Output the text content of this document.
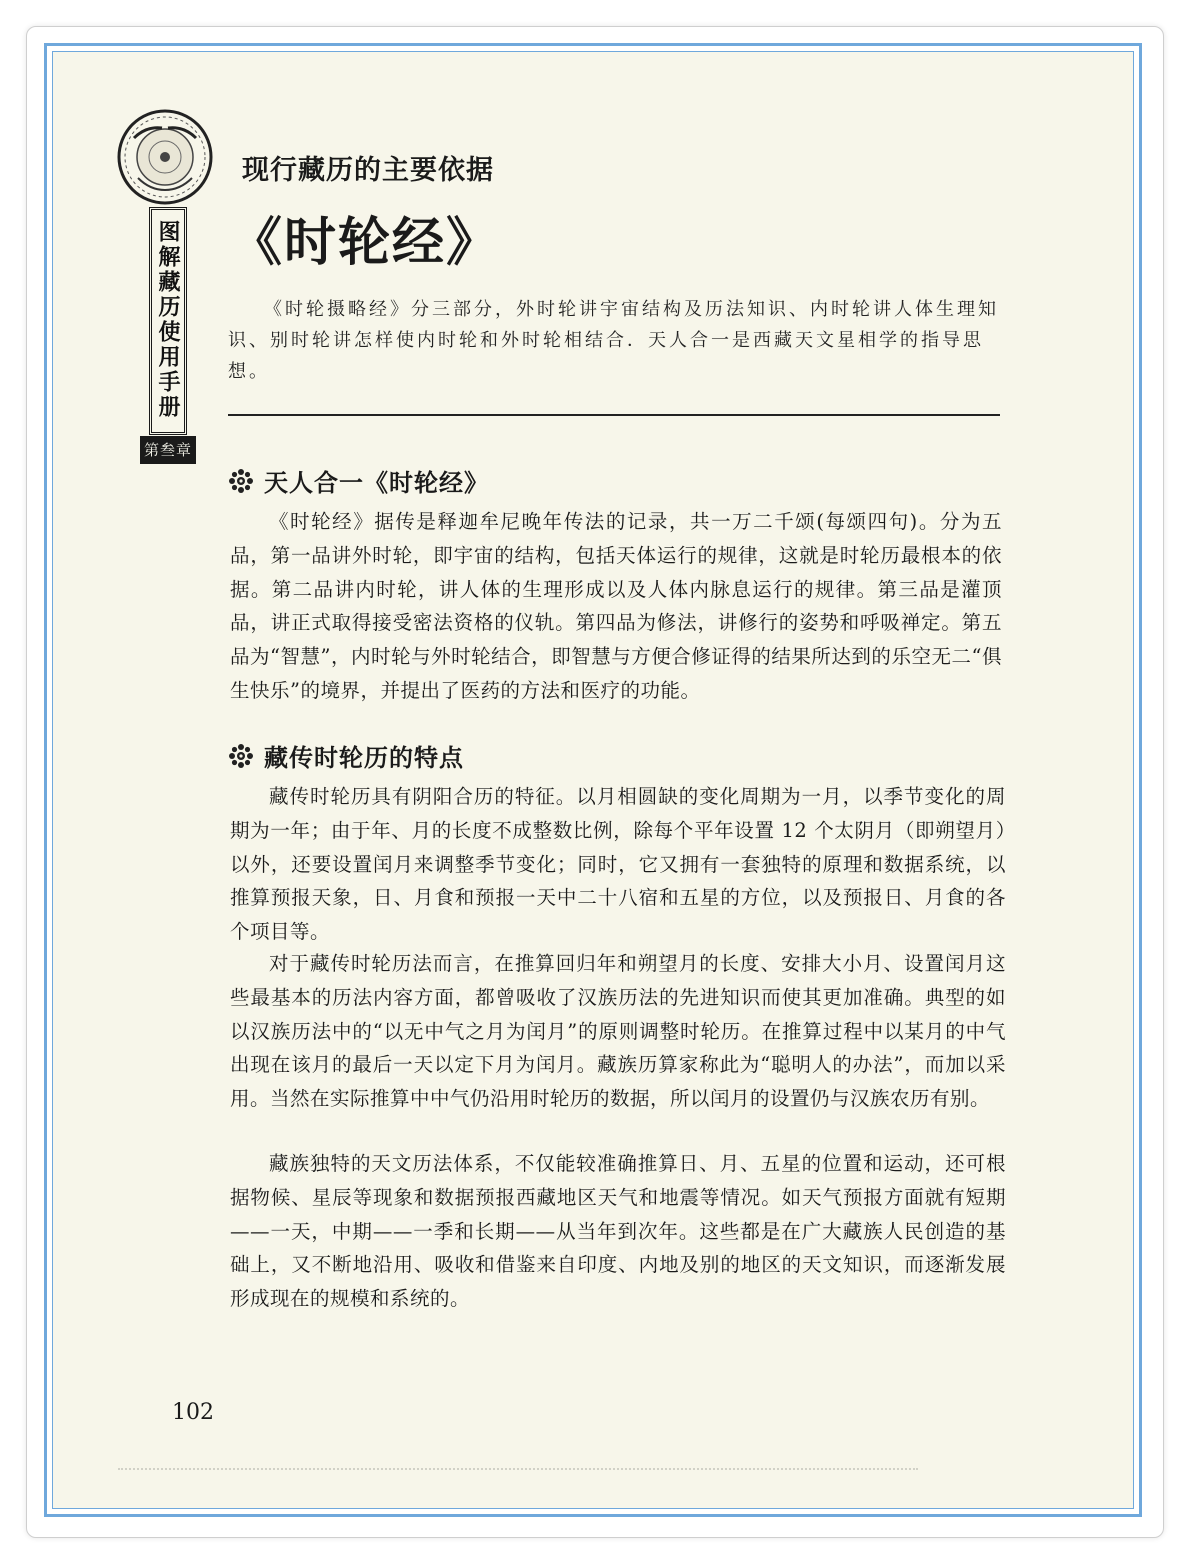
图解藏历使用手册
第叁章
现行藏历的主要依据
《时轮经》

《时轮摄略经》分三部分，外时轮讲宇宙结构及历法知识、内时轮讲人体生理知识、别时轮讲怎样使内时轮和外时轮相结合．天人合一是西藏天文星相学的指导思想。

天人合一《时轮经》

《时轮经》据传是释迦牟尼晚年传法的记录，共一万二千颂(每颂四句)。分为五品，第一品讲外时轮，即宇宙的结构，包括天体运行的规律，这就是时轮历最根本的依据。第二品讲内时轮，讲人体的生理形成以及人体内脉息运行的规律。第三品是灌顶品，讲正式取得接受密法资格的仪轨。第四品为修法，讲修行的姿势和呼吸禅定。第五品为“智慧”，内时轮与外时轮结合，即智慧与方便合修证得的结果所达到的乐空无二“俱生快乐”的境界，并提出了医药的方法和医疗的功能。

藏传时轮历的特点

藏传时轮历具有阴阳合历的特征。以月相圆缺的变化周期为一月，以季节变化的周期为一年；由于年、月的长度不成整数比例，除每个平年设置 12 个太阴月（即朔望月）以外，还要设置闰月来调整季节变化；同时，它又拥有一套独特的原理和数据系统，以推算预报天象，日、月食和预报一天中二十八宿和五星的方位，以及预报日、月食的各个项目等。

对于藏传时轮历法而言，在推算回归年和朔望月的长度、安排大小月、设置闰月这些最基本的历法内容方面，都曾吸收了汉族历法的先进知识而使其更加准确。典型的如以汉族历法中的“以无中气之月为闰月”的原则调整时轮历。在推算过程中以某月的中气出现在该月的最后一天以定下月为闰月。藏族历算家称此为“聪明人的办法”，而加以采用。当然在实际推算中中气仍沿用时轮历的数据，所以闰月的设置仍与汉族农历有别。

藏族独特的天文历法体系，不仅能较准确推算日、月、五星的位置和运动，还可根据物候、星辰等现象和数据预报西藏地区天气和地震等情况。如天气预报方面就有短期——一天，中期——一季和长期——从当年到次年。这些都是在广大藏族人民创造的基础上，又不断地沿用、吸收和借鉴来自印度、内地及别的地区的天文知识，而逐渐发展形成现在的规模和系统的。

102
